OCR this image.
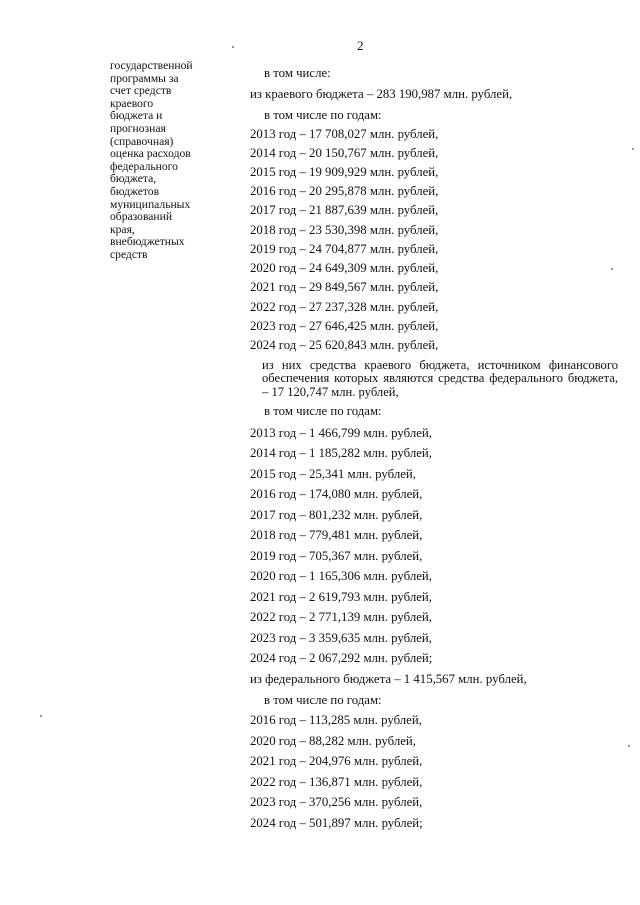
2
государственной
программы за
счет средств
краевого
бюджета и
прогнозная
(справочная)
оценка расходов
федерального
бюджета,
бюджетов
муниципальных
образований
края,
внебюджетных
средств
в том числе:
из краевого бюджета – 283 190,987 млн. рублей,
в том числе по годам:
2013 год – 17 708,027 млн. рублей,
2014 год – 20 150,767 млн. рублей,
2015 год – 19 909,929 млн. рублей,
2016 год – 20 295,878 млн. рублей,
2017 год – 21 887,639 млн. рублей,
2018 год – 23 530,398 млн. рублей,
2019 год – 24 704,877 млн. рублей,
2020 год – 24 649,309 млн. рублей,
2021 год – 29 849,567 млн. рублей,
2022 год – 27 237,328 млн. рублей,
2023 год – 27 646,425 млн. рублей,
2024 год – 25 620,843 млн. рублей,
из них средства краевого бюджета, источником финансового обеспечения которых являются средства федерального бюджета, – 17 120,747 млн. рублей,
в том числе по годам:
2013 год – 1 466,799 млн. рублей,
2014 год – 1 185,282 млн. рублей,
2015 год – 25,341 млн. рублей,
2016 год – 174,080 млн. рублей,
2017 год – 801,232 млн. рублей,
2018 год – 779,481 млн. рублей,
2019 год – 705,367 млн. рублей,
2020 год – 1 165,306 млн. рублей,
2021 год – 2 619,793 млн. рублей,
2022 год – 2 771,139 млн. рублей,
2023 год – 3 359,635 млн. рублей,
2024 год – 2 067,292 млн. рублей;
из федерального бюджета – 1 415,567 млн. рублей,
в том числе по годам:
2016 год – 113,285 млн. рублей,
2020 год – 88,282 млн. рублей,
2021 год – 204,976 млн. рублей,
2022 год – 136,871 млн. рублей,
2023 год – 370,256 млн. рублей,
2024 год – 501,897 млн. рублей;
